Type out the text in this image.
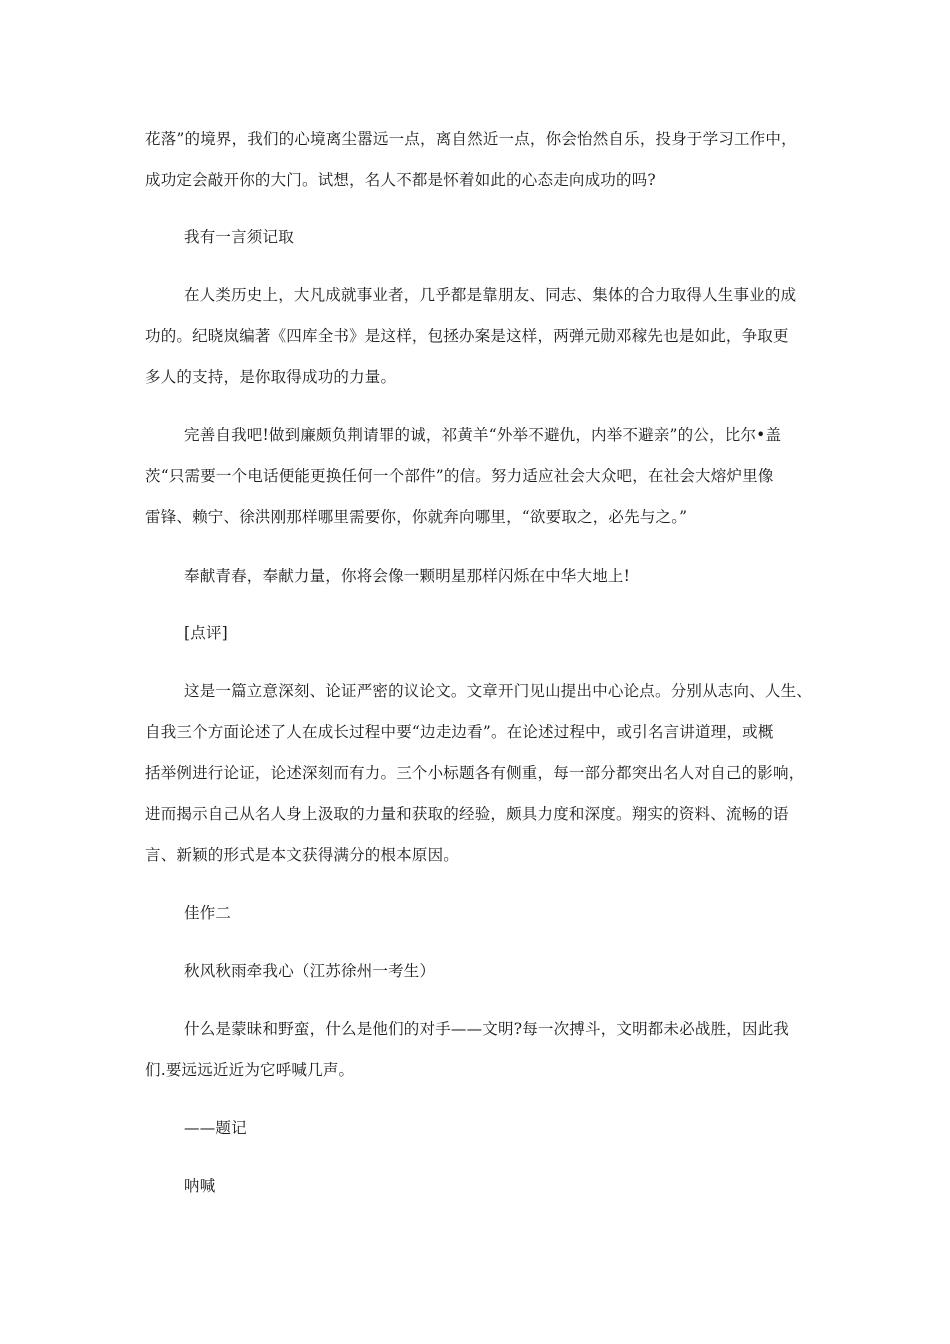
花落”的境界，我们的心境离尘嚣远一点，离自然近一点，你会怡然自乐，投身于学习工作中，
成功定会敲开你的大门。试想，名人不都是怀着如此的心态走向成功的吗?
我有一言须记取
在人类历史上，大凡成就事业者，几乎都是靠朋友、同志、集体的合力取得人生事业的成
功的。纪晓岚编著《四库全书》是这样，包拯办案是这样，两弹元勋邓稼先也是如此，争取更
多人的支持，是你取得成功的力量。
完善自我吧!做到廉颇负荆请罪的诚，祁黄羊“外举不避仇，内举不避亲”的公，比尔•盖
茨“只需要一个电话便能更换任何一个部件”的信。努力适应社会大众吧，在社会大熔炉里像
雷锋、赖宁、徐洪刚那样哪里需要你，你就奔向哪里，“欲要取之，必先与之。”
奉献青春，奉献力量，你将会像一颗明星那样闪烁在中华大地上!
[点评]
这是一篇立意深刻、论证严密的议论文。文章开门见山提出中心论点。分别从志向、人生、
自我三个方面论述了人在成长过程中要“边走边看”。在论述过程中，或引名言讲道理，或概
括举例进行论证，论述深刻而有力。三个小标题各有侧重，每一部分都突出名人对自己的影响，
进而揭示自己从名人身上汲取的力量和获取的经验，颇具力度和深度。翔实的资料、流畅的语
言、新颖的形式是本文获得满分的根本原因。
佳作二
秋风秋雨牵我心（江苏徐州一考生）
什么是蒙昧和野蛮，什么是他们的对手——文明?每一次搏斗，文明都未必战胜，因此我
们.要远远近近为它呼喊几声。
——题记
呐喊
